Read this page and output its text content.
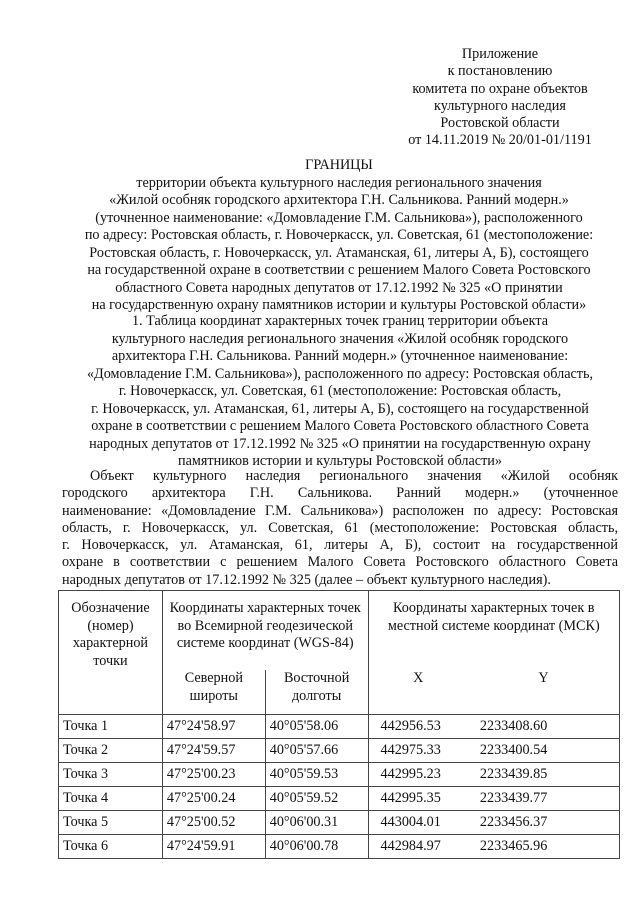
Приложение
к постановлению
комитета по охране объектов
культурного наследия
Ростовской области
от 14.11.2019 № 20/01-01/1191
ГРАНИЦЫ
территории объекта культурного наследия регионального значения
«Жилой особняк городского архитектора Г.Н. Сальникова. Ранний модерн.»
(уточненное наименование: «Домовладение Г.М. Сальникова»), расположенного
по адресу: Ростовская область, г. Новочеркасск, ул. Советская, 61 (местоположение:
Ростовская область, г. Новочеркасск, ул. Атаманская, 61, литеры А, Б), состоящего
на государственной охране в соответствии с решением Малого Совета Ростовского
областного Совета народных депутатов от 17.12.1992 № 325 «О принятии
на государственную охрану памятников истории и культуры Ростовской области»
1. Таблица координат характерных точек границ территории объекта
культурного наследия регионального значения «Жилой особняк городского
архитектора Г.Н. Сальникова. Ранний модерн.» (уточненное наименование:
«Домовладение Г.М. Сальникова»), расположенного по адресу: Ростовская область,
г. Новочеркасск, ул. Советская, 61 (местоположение: Ростовская область,
г. Новочеркасск, ул. Атаманская, 61, литеры А, Б), состоящего на государственной
охране в соответствии с решением Малого Совета Ростовского областного Совета
народных депутатов от 17.12.1992 № 325 «О принятии на государственную охрану
памятников истории и культуры Ростовской области»
Объект культурного наследия регионального значения «Жилой особняк
городского архитектора Г.Н. Сальникова. Ранний модерн.» (уточненное
наименование: «Домовладение Г.М. Сальникова») расположен по адресу: Ростовская
область, г. Новочеркасск, ул. Советская, 61 (местоположение: Ростовская область,
г. Новочеркасск, ул. Атаманская, 61, литеры А, Б), состоит на государственной
охране в соответствии с решением Малого Совета Ростовского областного Совета
народных депутатов от 17.12.1992 № 325 (далее – объект культурного наследия).
Обозначение (номер) характерной точки	Координаты характерных точек во Всемирной геодезической системе координат (WGS-84)		Координаты характерных точек в местной системе координат (МСК)	
	Северной широты	Восточной долготы	X	Y
Точка 1	47°24'58.97	40°05'58.06	442956.53	2233408.60
Точка 2	47°24'59.57	40°05'57.66	442975.33	2233400.54
Точка 3	47°25'00.23	40°05'59.53	442995.23	2233439.85
Точка 4	47°25'00.24	40°05'59.52	442995.35	2233439.77
Точка 5	47°25'00.52	40°06'00.31	443004.01	2233456.37
Точка 6	47°24'59.91	40°06'00.78	442984.97	2233465.96
